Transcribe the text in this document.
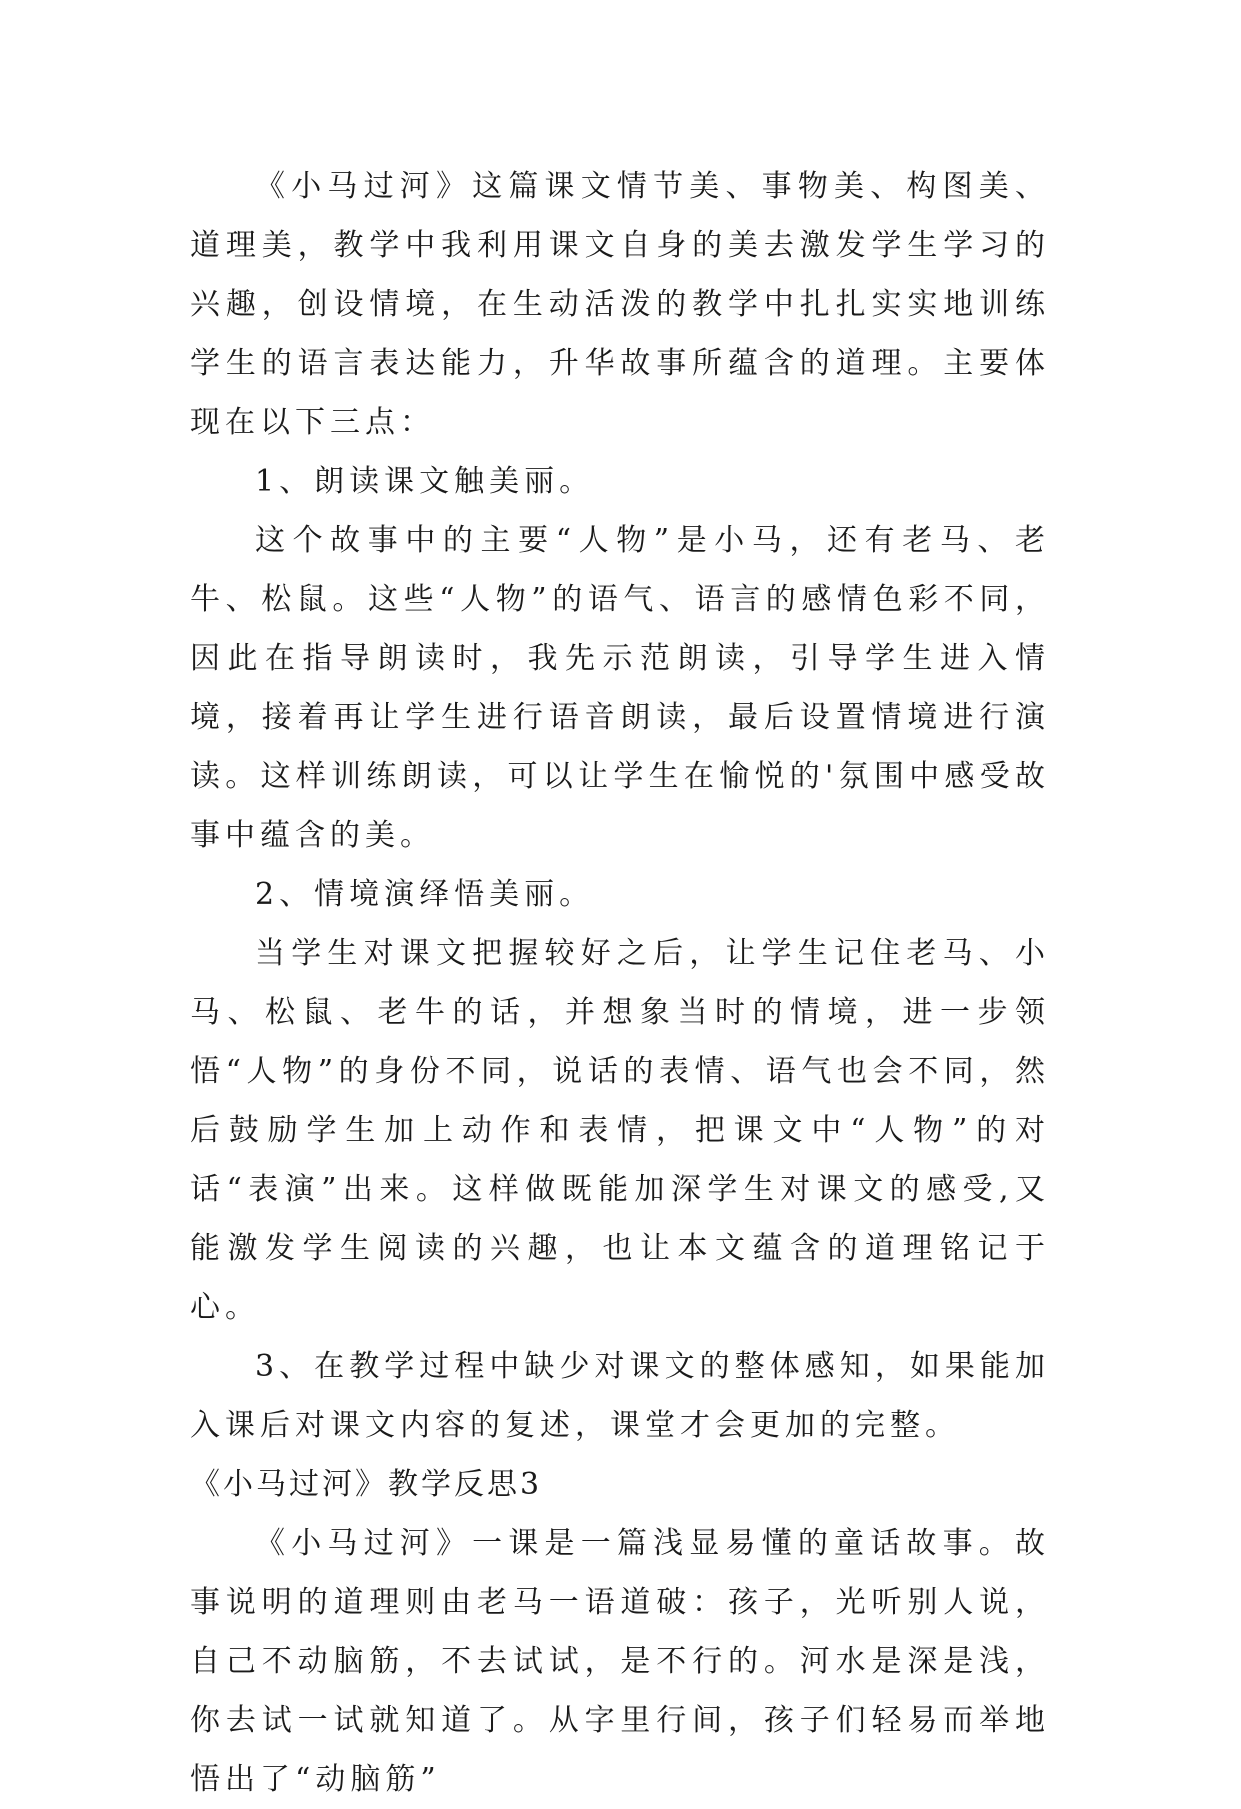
《小马过河》这篇课文情节美、事物美、构图美、道理美，教学中我利用课文自身的美去激发学生学习的兴趣，创设情境，在生动活泼的教学中扎扎实实地训练学生的语言表达能力，升华故事所蕴含的道理。主要体现在以下三点：

1、朗读课文触美丽。

这个故事中的主要“人物”是小马，还有老马、老牛、松鼠。这些“人物”的语气、语言的感情色彩不同，因此在指导朗读时，我先示范朗读，引导学生进入情境，接着再让学生进行语音朗读，最后设置情境进行演读。这样训练朗读，可以让学生在愉悦的'氛围中感受故事中蕴含的美。

2、情境演绎悟美丽。

当学生对课文把握较好之后，让学生记住老马、小马、松鼠、老牛的话，并想象当时的情境，进一步领悟“人物”的身份不同，说话的表情、语气也会不同，然后鼓励学生加上动作和表情，把课文中“人物”的对话“表演”出来。这样做既能加深学生对课文的感受,又能激发学生阅读的兴趣，也让本文蕴含的道理铭记于心。

3、在教学过程中缺少对课文的整体感知，如果能加入课后对课文内容的复述，课堂才会更加的完整。

《小马过河》教学反思3

《小马过河》一课是一篇浅显易懂的童话故事。故事说明的道理则由老马一语道破：孩子，光听别人说，自己不动脑筋，不去试试，是不行的。河水是深是浅，你去试一试就知道了。从字里行间，孩子们轻易而举地悟出了“动脑筋”
